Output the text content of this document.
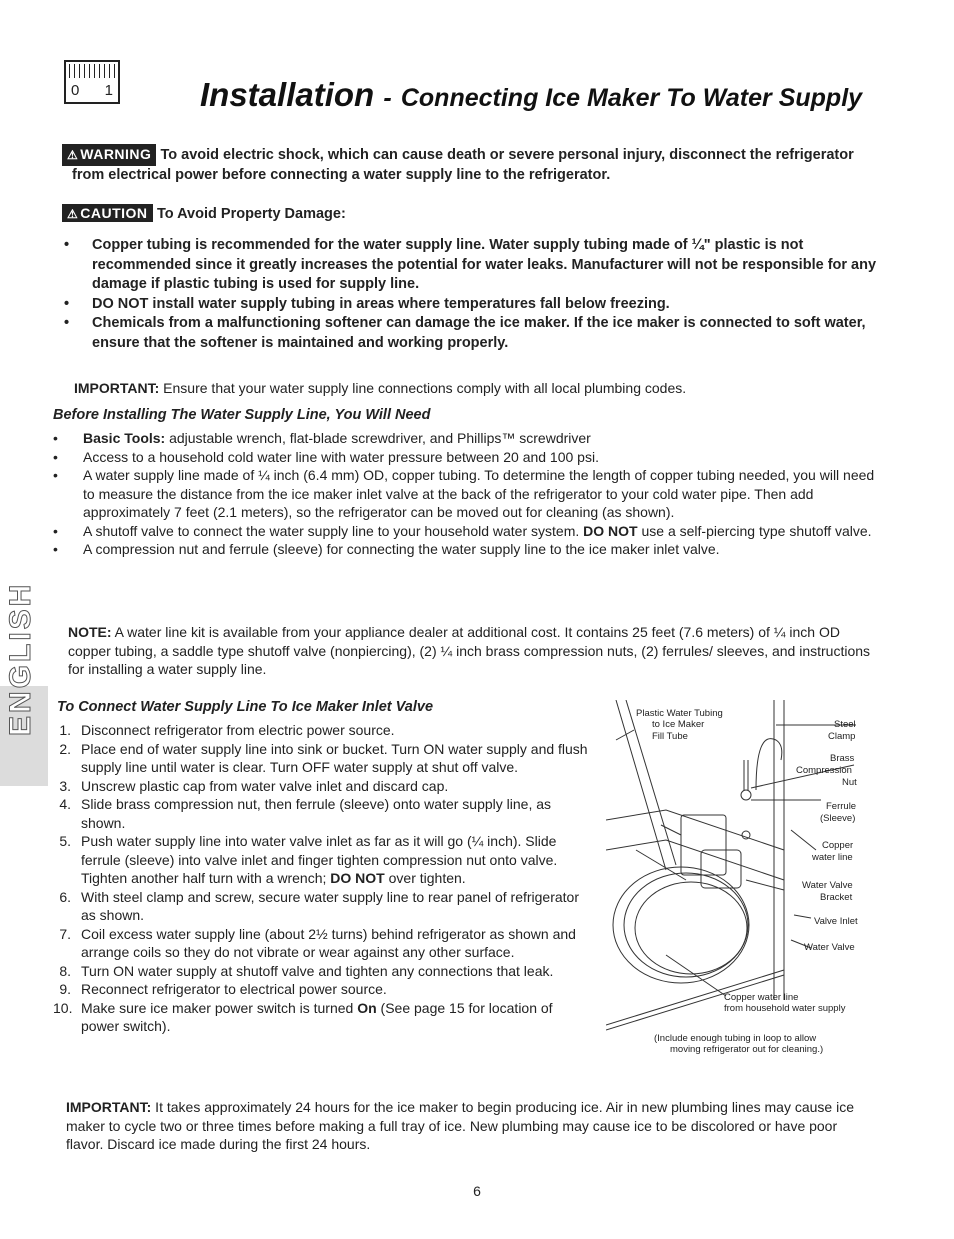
0 1	Installation - Connecting Ice Maker To Water Supply
⚠ WARNING To avoid electric shock, which can cause death or severe personal injury, disconnect the refrigerator
from electrical power before connecting a water supply line to the refrigerator.
⚠ CAUTION To Avoid Property Damage:
• Copper tubing is recommended for the water supply line. Water supply tubing made of ¼" plastic is not recommended since it greatly increases the potential for water leaks. Manufacturer will not be responsible for any damage if plastic tubing is used for supply line.
• DO NOT install water supply tubing in areas where temperatures fall below freezing.
• Chemicals from a malfunctioning softener can damage the ice maker. If the ice maker is connected to soft water, ensure that the softener is maintained and working properly.
IMPORTANT: Ensure that your water supply line connections comply with all local plumbing codes.
Before Installing The Water Supply Line, You Will Need
• Basic Tools: adjustable wrench, flat-blade screwdriver, and Phillips™ screwdriver
• Access to a household cold water line with water pressure between 20 and 100 psi.
• A water supply line made of ¼ inch (6.4 mm) OD, copper tubing. To determine the length of copper tubing needed, you will need to measure the distance from the ice maker inlet valve at the back of the refrigerator to your cold water pipe. Then add approximately 7 feet (2.1 meters), so the refrigerator can be moved out for cleaning (as shown).
• A shutoff valve to connect the water supply line to your household water system. DO NOT use a self-piercing type shutoff valve.
• A compression nut and ferrule (sleeve) for connecting the water supply line to the ice maker inlet valve.
NOTE: A water line kit is available from your appliance dealer at additional cost. It contains 25 feet (7.6 meters) of ¼ inch OD copper tubing, a saddle type shutoff valve (nonpiercing), (2) ¼ inch brass compression nuts, (2) ferrules/ sleeves, and instructions for installing a water supply line.
ENGLISH To Connect Water Supply Line To Ice Maker Inlet Valve
1. Disconnect refrigerator from electric power source.
2. Place end of water supply line into sink or bucket. Turn ON water supply and flush supply line until water is clear. Turn OFF water supply at shut off valve.
3. Unscrew plastic cap from water valve inlet and discard cap.
4. Slide brass compression nut, then ferrule (sleeve) onto water supply line, as shown.
5. Push water supply line into water valve inlet as far as it will go (¼ inch). Slide ferrule (sleeve) into valve inlet and finger tighten compression nut onto valve. Tighten another half turn with a wrench; DO NOT over tighten.
6. With steel clamp and screw, secure water supply line to rear panel of refrigerator as shown.
7. Coil excess water supply line (about 2½ turns) behind refrigerator as shown and arrange coils so they do not vibrate or wear against any other surface.
8. Turn ON water supply at shutoff valve and tighten any connections that leak.
9. Reconnect refrigerator to electrical power source.
10. Make sure ice maker power switch is turned On (See page 15 for location of power switch).
Plastic Water Tubing
to Ice Maker
Fill Tube
Steel
Clamp
Brass
Compression
Nut
Ferrule
(Sleeve)
Copper
water line
Water Valve
Bracket
Valve Inlet
Water Valve
Copper water line
from household water supply
(Include enough tubing in loop to allow
moving refrigerator out for cleaning.)
IMPORTANT: It takes approximately 24 hours for the ice maker to begin producing ice. Air in new plumbing lines may cause ice maker to cycle two or three times before making a full tray of ice. New plumbing may cause ice to be discolored or have poor flavor. Discard ice made during the first 24 hours.
6
